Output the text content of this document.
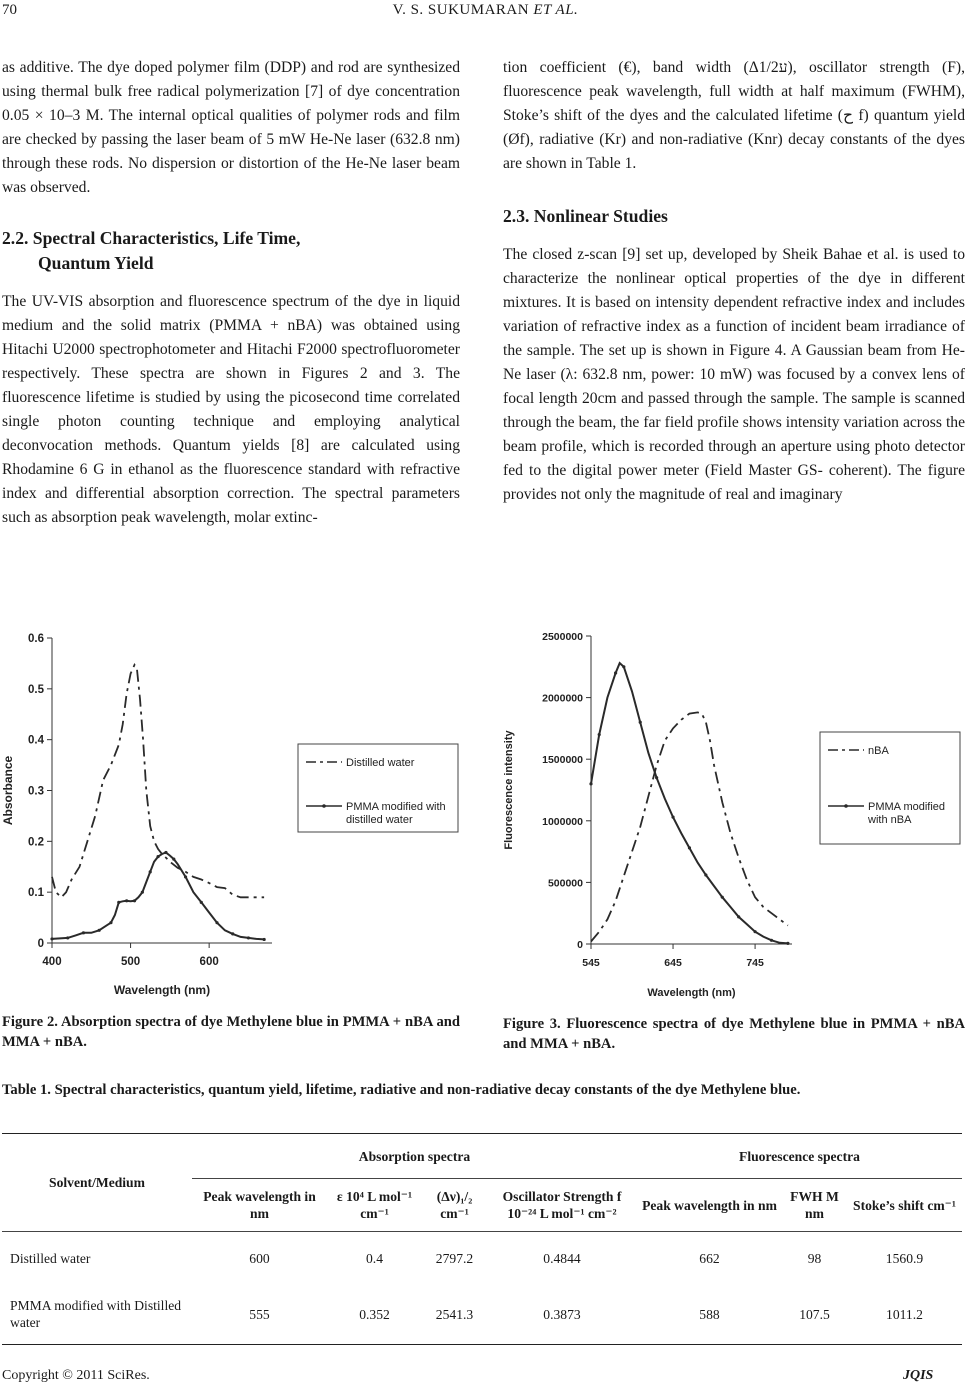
70	V. S. SUKUMARAN ET AL.

as additive. The dye doped polymer film (DDP) and rod are synthesized using thermal bulk free radical polymerization [7] of dye concentration 0.05 × 10–3 M. The internal optical qualities of polymer rods and film are checked by passing the laser beam of 5 mW He-Ne laser (632.8 nm) through these rods. No dispersion or distortion of the He-Ne laser beam was observed.

2.2. Spectral Characteristics, Life Time,
Quantum Yield

The UV-VIS absorption and fluorescence spectrum of the dye in liquid medium and the solid matrix (PMMA + nBA) was obtained using Hitachi U2000 spectrophotometer and Hitachi F2000 spectrofluorometer respectively. These spectra are shown in Figures 2 and 3. The fluorescence lifetime is studied by using the picosecond time correlated single photon counting technique and employing analytical deconvocation methods. Quantum yields [8] are calculated using Rhodamine 6 G in ethanol as the fluorescence standard with refractive index and differential absorption correction. The spectral parameters such as absorption peak wavelength, molar extinc-

tion coefficient (€), band width (Δע1/2), oscillator strength (F), fluorescence peak wavelength, full width at half maximum (FWHM), Stoke’s shift of the dyes and the calculated lifetime (ح f) quantum yield (Øf), radiative (Kr) and non-radiative (Knr) decay constants of the dyes are shown in Table 1.

2.3. Nonlinear Studies

The closed z-scan [9] set up, developed by Sheik Bahae et al. is used to characterize the nonlinear optical properties of the dye in different mixtures. It is based on intensity dependent refractive index and includes variation of refractive index as a function of incident beam irradiance of the sample. The set up is shown in Figure 4. A Gaussian beam from He-Ne laser (λ: 632.8 nm, power: 10 mW) was focused by a convex lens of focal length 20cm and passed through the sample. The sample is scanned through the beam, the far field profile shows intensity variation across the beam profile, which is recorded through an aperture using photo detector fed to the digital power meter (Field Master GS- coherent). The figure provides not only the magnitude of real and imaginary

0
0.1
0.2
0.3
0.4
0.5
0.6
400	500	600
Wavelength (nm)
Absorbance	Distilled water
PMMA modified with
distilled water
Figure 2. Absorption spectra of dye Methylene blue in PMMA + nBA and MMA + nBA.
0
500000
1000000
1500000
2000000
2500000
545	645	745
Wavelength (nm)
Fluorescence intensity	nBA
PMMA modified
with nBA
Figure 3. Fluorescence spectra of dye Methylene blue in PMMA + nBA and MMA + nBA.
Table 1. Spectral characteristics, quantum yield, lifetime, radiative and non-radiative decay constants of the dye Methylene blue.
Solvent/Medium	Absorption spectra				Fluorescence spectra		
	Peak wavelength in nm	ε 10⁴ L mol⁻¹ cm⁻¹	(Δν)₁/₂ cm⁻¹	Oscillator Strength f 10⁻²⁴ L mol⁻¹ cm⁻²	Peak wavelength in nm	FWH M nm	Stoke’s shift cm⁻¹
Distilled water	600	0.4	2797.2	0.4844	662	98	1560.9
PMMA modified with Distilled water	555	0.352	2541.3	0.3873	588	107.5	1011.2
Copyright © 2011 SciRes.	JQIS
